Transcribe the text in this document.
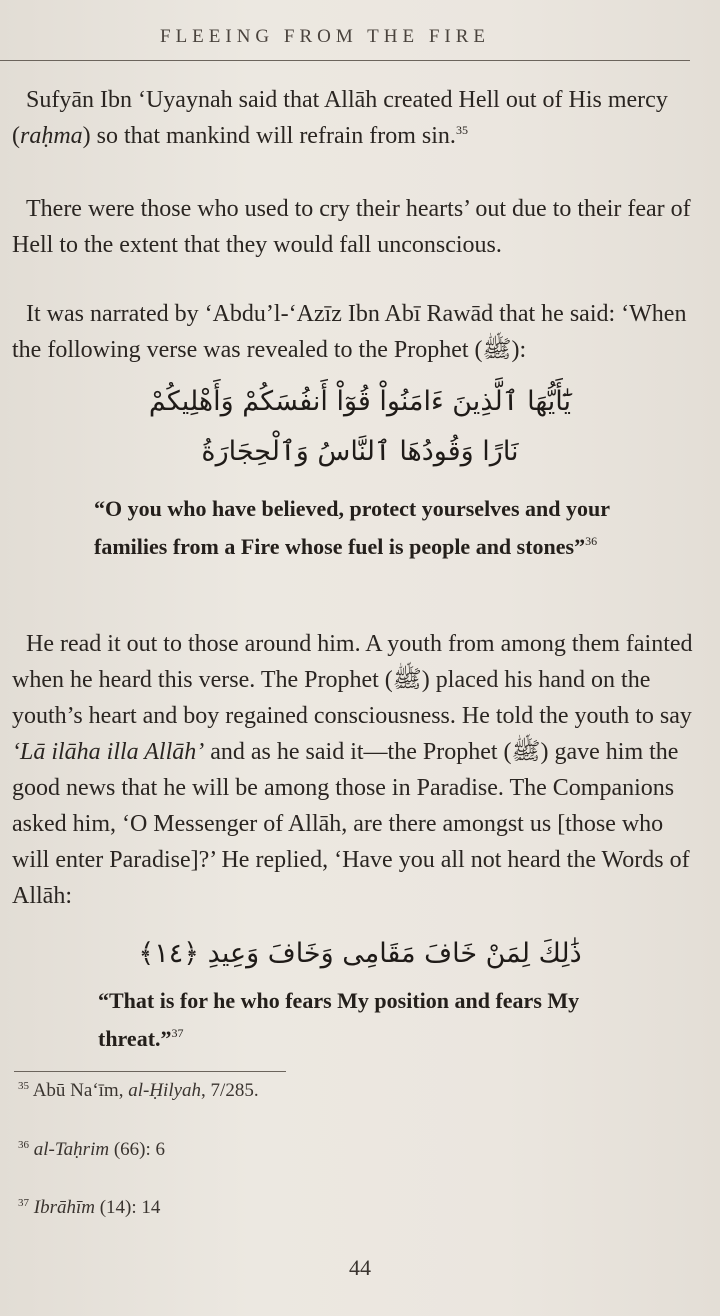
FLEEING FROM THE FIRE

Sufyān Ibn ‘Uyaynah said that Allāh created Hell out of His mercy (raḥma) so that mankind will refrain from sin.$^{35}$

There were those who used to cry their hearts’ out due to their fear of Hell to the extent that they would fall unconscious.

It was narrated by ‘Abdu’l-‘Azīz Ibn Abī Rawād that he said: ‘When the following verse was revealed to the Prophet (ﷺ):

يَٰٓأَيُّهَا ٱلَّذِينَ ءَامَنُواْ قُوٓاْ أَنفُسَكُمْ وَأَهْلِيكُمْ
نَارًا وَقُودُهَا ٱلنَّاسُ وَٱلْحِجَارَةُ
“O you who have believed, protect yourselves and your families from a Fire whose fuel is people and stones”$^{36}$

He read it out to those around him. A youth from among them fainted when he heard this verse. The Prophet (ﷺ) placed his hand on the youth’s heart and boy regained consciousness. He told the youth to say ‘Lā ilāha illa Allāh’ and as he said it—the Prophet (ﷺ) gave him the good news that he will be among those in Paradise. The Companions asked him, ‘O Messenger of Allāh, are there amongst us [those who will enter Paradise]?’ He replied, ‘Have you all not heard the Words of Allāh:

ذَٰلِكَ لِمَنْ خَافَ مَقَامِى وَخَافَ وَعِيدِ ﴿١٤﴾
“That is for he who fears My position and fears My threat.”$^{37}$
$^{35}$ Abū Na‘īm, al-Ḥilyah, 7/285.
$^{36}$ al-Taḥrim (66): 6
$^{37}$ Ibrāhīm (14): 14
44
